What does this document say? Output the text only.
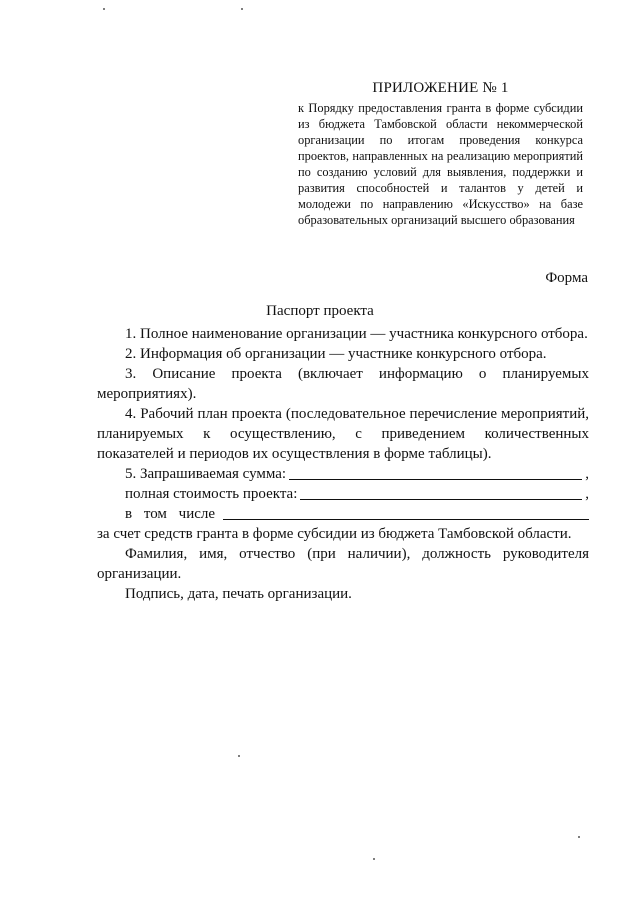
ПРИЛОЖЕНИЕ № 1

к Порядку предоставления гранта в форме субсидии из бюджета Тамбовской области некоммерческой организации по итогам проведения конкурса проектов, направленных на реализацию мероприятий по созданию условий для выявления, поддержки и развития способностей и талантов у детей и молодежи по направлению «Искусство» на базе образовательных организаций высшего образования

Форма
Паспорт проекта

1. Полное наименование организации — участника конкурсного отбора.

2. Информация об организации — участнике конкурсного отбора.

3. Описание проекта (включает информацию о планируемых мероприятиях).

4. Рабочий план проекта (последовательное перечисление мероприятий, планируемых к осуществлению, с приведением количественных показателей и периодов их осуществления в форме таблицы).

5. Запрашиваемая сумма:	,
полная стоимость проекта:	,
в том числе

за счет средств гранта в форме субсидии из бюджета Тамбовской области.

Фамилия, имя, отчество (при наличии), должность руководителя организации.

Подпись, дата, печать организации.
